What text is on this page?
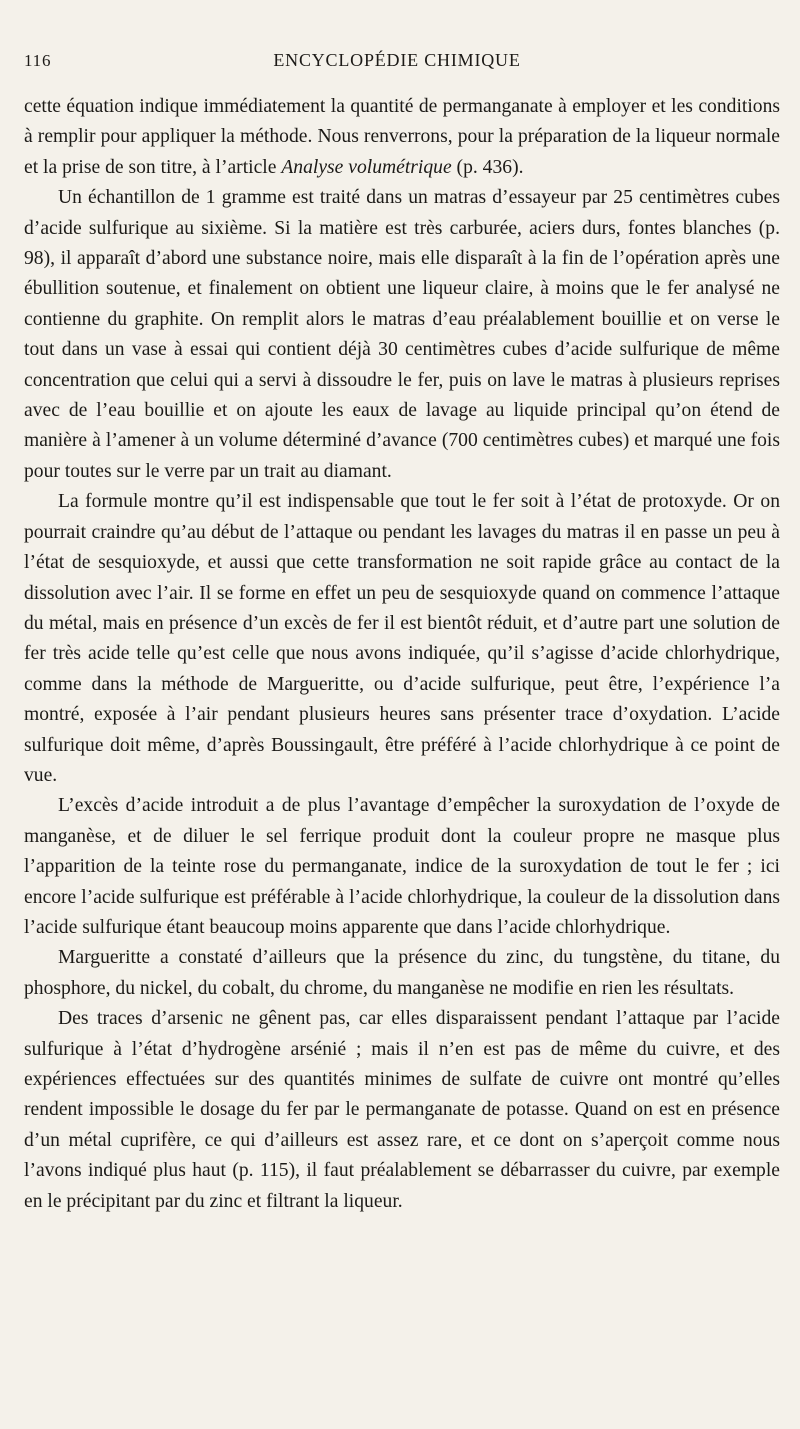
116	ENCYCLOPÉDIE CHIMIQUE

cette équation indique immédiatement la quantité de permanganate à employer et les conditions à remplir pour appliquer la méthode. Nous renverrons, pour la préparation de la liqueur normale et la prise de son titre, à l’article Analyse volumétrique (p. 436).

Un échantillon de 1 gramme est traité dans un matras d’essayeur par 25 centimètres cubes d’acide sulfurique au sixième. Si la matière est très carburée, aciers durs, fontes blanches (p. 98), il apparaît d’abord une substance noire, mais elle disparaît à la fin de l’opération après une ébullition soutenue, et finalement on obtient une liqueur claire, à moins que le fer analysé ne contienne du graphite. On remplit alors le matras d’eau préalablement bouillie et on verse le tout dans un vase à essai qui contient déjà 30 centimètres cubes d’acide sulfurique de même concentration que celui qui a servi à dissoudre le fer, puis on lave le matras à plusieurs reprises avec de l’eau bouillie et on ajoute les eaux de lavage au liquide principal qu’on étend de manière à l’amener à un volume déterminé d’avance (700 centimètres cubes) et marqué une fois pour toutes sur le verre par un trait au diamant.

La formule montre qu’il est indispensable que tout le fer soit à l’état de protoxyde. Or on pourrait craindre qu’au début de l’attaque ou pendant les lavages du matras il en passe un peu à l’état de sesquioxyde, et aussi que cette transformation ne soit rapide grâce au contact de la dissolution avec l’air. Il se forme en effet un peu de sesquioxyde quand on commence l’attaque du métal, mais en présence d’un excès de fer il est bientôt réduit, et d’autre part une solution de fer très acide telle qu’est celle que nous avons indiquée, qu’il s’agisse d’acide chlorhydrique, comme dans la méthode de Margueritte, ou d’acide sulfurique, peut être, l’expérience l’a montré, exposée à l’air pendant plusieurs heures sans présenter trace d’oxydation. L’acide sulfurique doit même, d’après Boussingault, être préféré à l’acide chlorhydrique à ce point de vue.

L’excès d’acide introduit a de plus l’avantage d’empêcher la suroxydation de l’oxyde de manganèse, et de diluer le sel ferrique produit dont la couleur propre ne masque plus l’apparition de la teinte rose du permanganate, indice de la suroxydation de tout le fer ; ici encore l’acide sulfurique est préférable à l’acide chlorhydrique, la couleur de la dissolution dans l’acide sulfurique étant beaucoup moins apparente que dans l’acide chlorhydrique.

Margueritte a constaté d’ailleurs que la présence du zinc, du tungstène, du titane, du phosphore, du nickel, du cobalt, du chrome, du manganèse ne modifie en rien les résultats.

Des traces d’arsenic ne gênent pas, car elles disparaissent pendant l’attaque par l’acide sulfurique à l’état d’hydrogène arsénié ; mais il n’en est pas de même du cuivre, et des expériences effectuées sur des quantités minimes de sulfate de cuivre ont montré qu’elles rendent impossible le dosage du fer par le permanganate de potasse. Quand on est en présence d’un métal cuprifère, ce qui d’ailleurs est assez rare, et ce dont on s’aperçoit comme nous l’avons indiqué plus haut (p. 115), il faut préalablement se débarrasser du cuivre, par exemple en le précipitant par du zinc et filtrant la liqueur.
